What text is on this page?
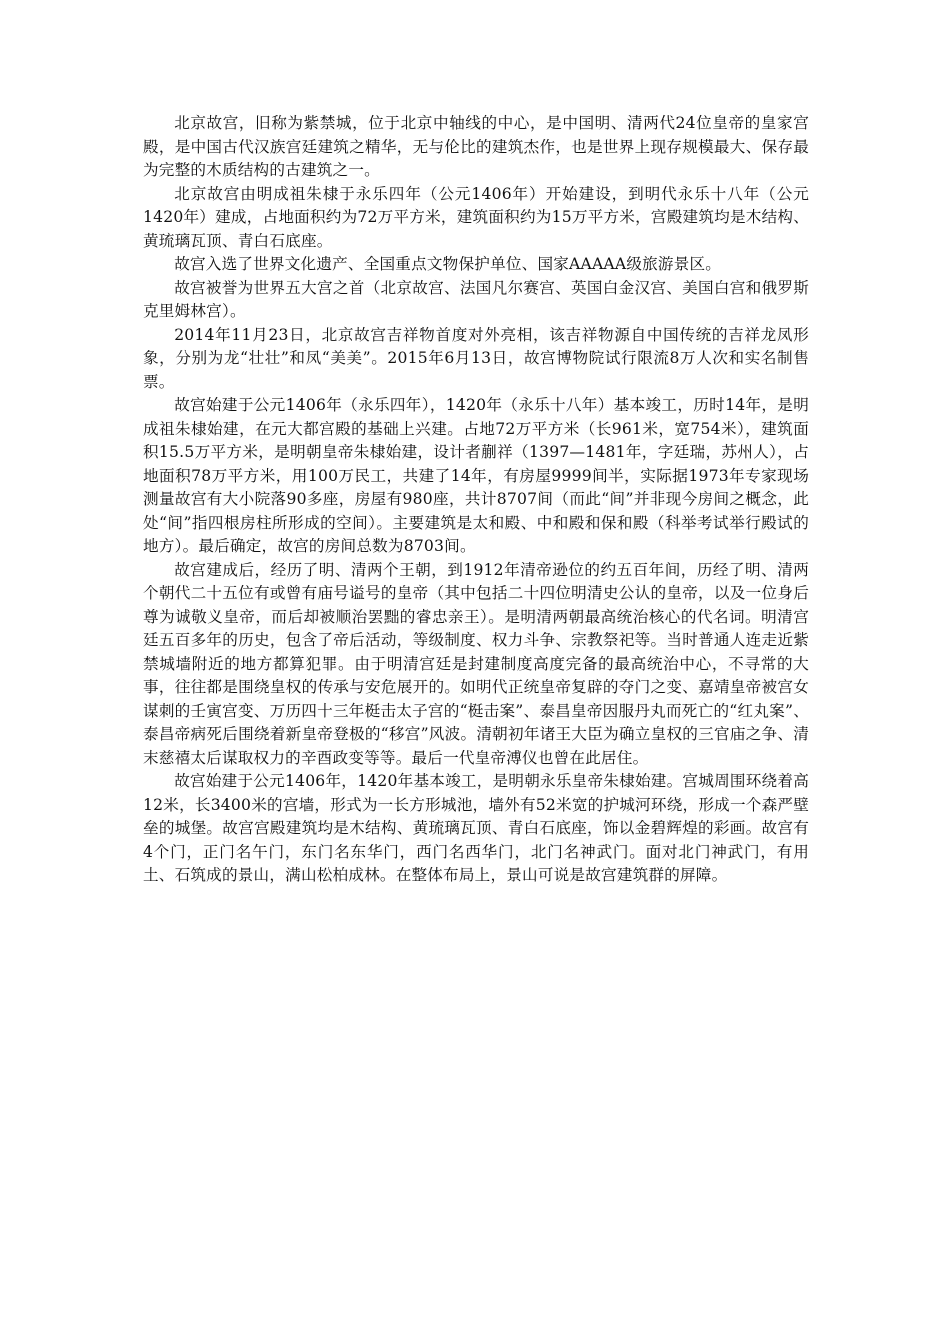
北京故宫，旧称为紫禁城，位于北京中轴线的中心，是中国明、清两代24位皇帝的皇家宫殿，是中国古代汉族宫廷建筑之精华，无与伦比的建筑杰作，也是世界上现存规模最大、保存最为完整的木质结构的古建筑之一。

北京故宫由明成祖朱棣于永乐四年（公元1406年）开始建设，到明代永乐十八年（公元1420年）建成，占地面积约为72万平方米，建筑面积约为15万平方米，宫殿建筑均是木结构、黄琉璃瓦顶、青白石底座。

故宫入选了世界文化遗产、全国重点文物保护单位、国家AAAAA级旅游景区。

故宫被誉为世界五大宫之首（北京故宫、法国凡尔赛宫、英国白金汉宫、美国白宫和俄罗斯克里姆林宫）。

2014年11月23日，北京故宫吉祥物首度对外亮相，该吉祥物源自中国传统的吉祥龙凤形象，分别为龙“壮壮”和凤“美美”。2015年6月13日，故宫博物院试行限流8万人次和实名制售票。

故宫始建于公元1406年（永乐四年），1420年（永乐十八年）基本竣工，历时14年，是明成祖朱棣始建，在元大都宫殿的基础上兴建。占地72万平方米（长961米，宽754米），建筑面积15.5万平方米，是明朝皇帝朱棣始建，设计者蒯祥（1397—1481年，字廷瑞，苏州人），占地面积78万平方米，用100万民工，共建了14年，有房屋9999间半，实际据1973年专家现场测量故宫有大小院落90多座，房屋有980座，共计8707间（而此“间”并非现今房间之概念，此处“间”指四根房柱所形成的空间）。主要建筑是太和殿、中和殿和保和殿（科举考试举行殿试的地方）。最后确定，故宫的房间总数为8703间。

故宫建成后，经历了明、清两个王朝，到1912年清帝逊位的约五百年间，历经了明、清两个朝代二十五位有或曾有庙号谥号的皇帝（其中包括二十四位明清史公认的皇帝，以及一位身后尊为诚敬义皇帝，而后却被顺治罢黜的睿忠亲王）。是明清两朝最高统治核心的代名词。明清宫廷五百多年的历史，包含了帝后活动，等级制度、权力斗争、宗教祭祀等。当时普通人连走近紫禁城墙附近的地方都算犯罪。由于明清宫廷是封建制度高度完备的最高统治中心，不寻常的大事，往往都是围绕皇权的传承与安危展开的。如明代正统皇帝复辟的夺门之变、嘉靖皇帝被宫女谋刺的壬寅宫变、万历四十三年梃击太子宫的“梃击案”、泰昌皇帝因服丹丸而死亡的“红丸案”、泰昌帝病死后围绕着新皇帝登极的“移宫”风波。清朝初年诸王大臣为确立皇权的三官庙之争、清末慈禧太后谋取权力的辛酉政变等等。最后一代皇帝溥仪也曾在此居住。

故宫始建于公元1406年，1420年基本竣工，是明朝永乐皇帝朱棣始建。宫城周围环绕着高12米，长3400米的宫墙，形式为一长方形城池，墙外有52米宽的护城河环绕，形成一个森严壁垒的城堡。故宫宫殿建筑均是木结构、黄琉璃瓦顶、青白石底座，饰以金碧辉煌的彩画。故宫有4个门，正门名午门，东门名东华门，西门名西华门，北门名神武门。面对北门神武门，有用土、石筑成的景山，满山松柏成林。在整体布局上，景山可说是故宫建筑群的屏障。
